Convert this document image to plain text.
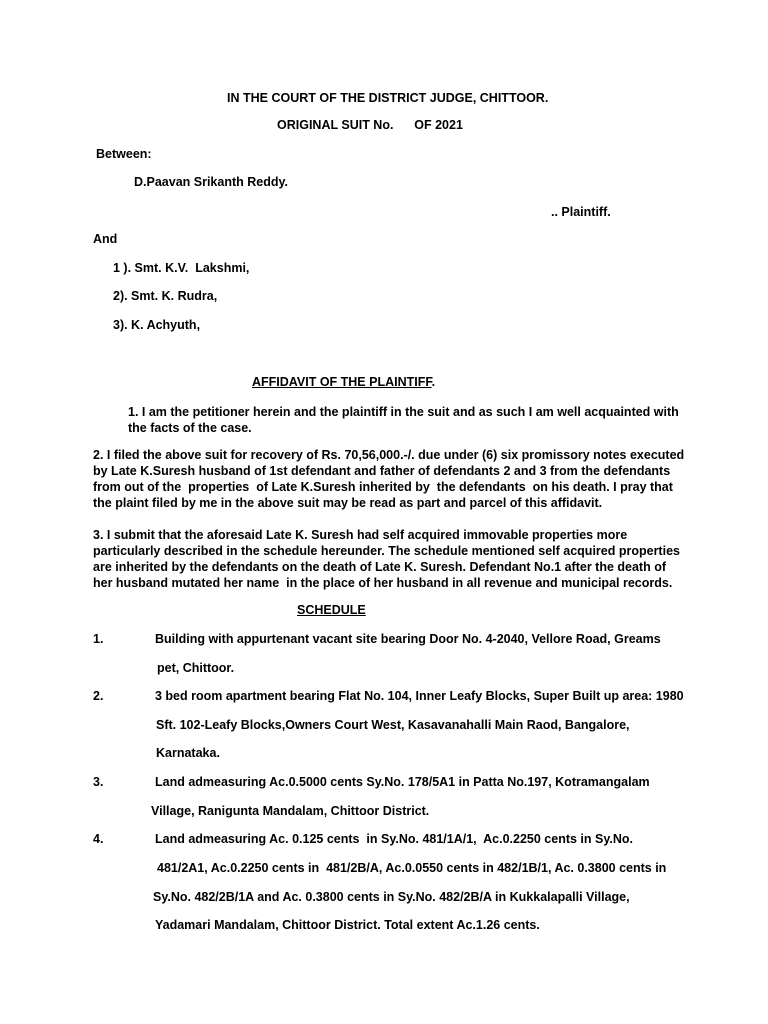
IN THE COURT OF THE DISTRICT JUDGE, CHITTOOR.
ORIGINAL SUIT No.      OF 2021
Between:
D.Paavan Srikanth Reddy.
.. Plaintiff.
And
1 ). Smt. K.V.  Lakshmi,
2). Smt. K. Rudra,
3). K. Achyuth,
AFFIDAVIT OF THE PLAINTIFF.
1. I am the petitioner herein and the plaintiff in the suit and as such I am well acquainted with
the facts of the case.
2. I filed the above suit for recovery of Rs. 70,56,000.-/. due under (6) six promissory notes executed
by Late K.Suresh husband of 1st defendant and father of defendants 2 and 3 from the defendants
from out of the  properties  of Late K.Suresh inherited by  the defendants  on his death. I pray that
the plaint filed by me in the above suit may be read as part and parcel of this affidavit.
3. I submit that the aforesaid Late K. Suresh had self acquired immovable properties more
particularly described in the schedule hereunder. The schedule mentioned self acquired properties
are inherited by the defendants on the death of Late K. Suresh. Defendant No.1 after the death of
her husband mutated her name  in the place of her husband in all revenue and municipal records.
SCHEDULE
1.	Building with appurtenant vacant site bearing Door No. 4-2040, Vellore Road, Greams
pet, Chittoor.
2.	3 bed room apartment bearing Flat No. 104, Inner Leafy Blocks, Super Built up area: 1980
Sft. 102-Leafy Blocks,Owners Court West, Kasavanahalli Main Raod, Bangalore,
Karnataka.
3.	Land admeasuring Ac.0.5000 cents Sy.No. 178/5A1 in Patta No.197, Kotramangalam
Village, Ranigunta Mandalam, Chittoor District.
4.	Land admeasuring Ac. 0.125 cents  in Sy.No. 481/1A/1,  Ac.0.2250 cents in Sy.No.
481/2A1, Ac.0.2250 cents in  481/2B/A, Ac.0.0550 cents in 482/1B/1, Ac. 0.3800 cents in
Sy.No. 482/2B/1A and Ac. 0.3800 cents in Sy.No. 482/2B/A in Kukkalapalli Village,
Yadamari Mandalam, Chittoor District. Total extent Ac.1.26 cents.
